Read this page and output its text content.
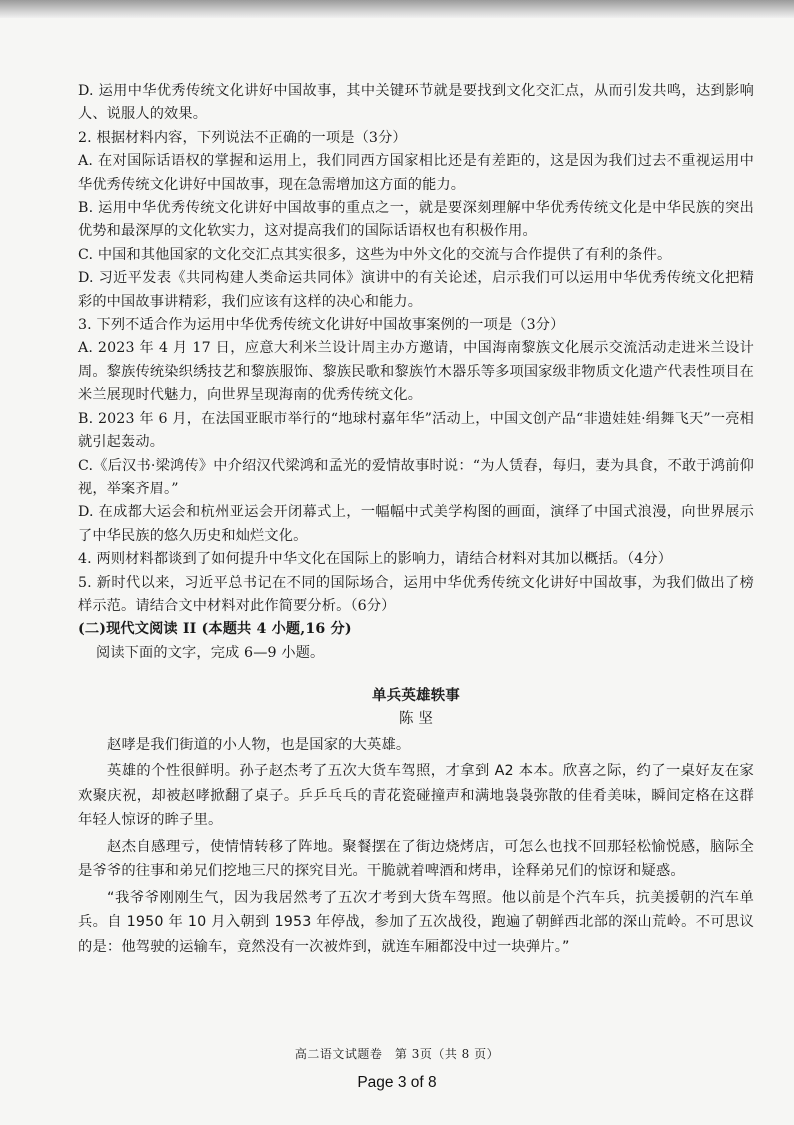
D. 运用中华优秀传统文化讲好中国故事，其中关键环节就是要找到文化交汇点，从而引发共鸣，达到影响人、说服人的效果。

2. 根据材料内容，下列说法不正确的一项是（3分）

A. 在对国际话语权的掌握和运用上，我们同西方国家相比还是有差距的，这是因为我们过去不重视运用中华优秀传统文化讲好中国故事，现在急需增加这方面的能力。

B. 运用中华优秀传统文化讲好中国故事的重点之一，就是要深刻理解中华优秀传统文化是中华民族的突出优势和最深厚的文化软实力，这对提高我们的国际话语权也有积极作用。

C. 中国和其他国家的文化交汇点其实很多，这些为中外文化的交流与合作提供了有利的条件。

D. 习近平发表《共同构建人类命运共同体》演讲中的有关论述，启示我们可以运用中华优秀传统文化把精彩的中国故事讲精彩，我们应该有这样的决心和能力。

3. 下列不适合作为运用中华优秀传统文化讲好中国故事案例的一项是（3分）

A. 2023 年 4 月 17 日，应意大利米兰设计周主办方邀请，中国海南黎族文化展示交流活动走进米兰设计周。黎族传统染织绣技艺和黎族服饰、黎族民歌和黎族竹木器乐等多项国家级非物质文化遗产代表性项目在米兰展现时代魅力，向世界呈现海南的优秀传统文化。

B. 2023 年 6 月，在法国亚眠市举行的“地球村嘉年华”活动上，中国文创产品“非遗娃娃·绢舞飞天”一亮相就引起轰动。

C.《后汉书·梁鸿传》中介绍汉代梁鸿和孟光的爱情故事时说：“为人赁舂，每归，妻为具食，不敢于鸿前仰视，举案齐眉。”

D. 在成都大运会和杭州亚运会开闭幕式上，一幅幅中式美学构图的画面，演绎了中国式浪漫，向世界展示了中华民族的悠久历史和灿烂文化。

4. 两则材料都谈到了如何提升中华文化在国际上的影响力，请结合材料对其加以概括。（4分）

5. 新时代以来，习近平总书记在不同的国际场合，运用中华优秀传统文化讲好中国故事，为我们做出了榜样示范。请结合文中材料对此作简要分析。（6分）

(二)现代文阅读 II (本题共 4 小题,16 分)

阅读下面的文字，完成 6—9 小题。

单兵英雄轶事

陈 坚

赵哮是我们街道的小人物，也是国家的大英雄。

英雄的个性很鲜明。孙子赵杰考了五次大货车驾照，才拿到 A2 本本。欣喜之际，约了一桌好友在家欢聚庆祝，却被赵哮掀翻了桌子。乒乒乓乓的青花瓷碰撞声和满地袅袅弥散的佳肴美味，瞬间定格在这群年轻人惊讶的眸子里。

赵杰自感理亏，使情情转移了阵地。聚餐摆在了街边烧烤店，可怎么也找不回那轻松愉悦感，脑际全是爷爷的往事和弟兄们挖地三尺的探究目光。干脆就着啤酒和烤串，诠释弟兄们的惊讶和疑惑。

“我爷爷刚刚生气，因为我居然考了五次才考到大货车驾照。他以前是个汽车兵，抗美援朝的汽车单兵。自 1950 年 10 月入朝到 1953 年停战，参加了五次战役，跑遍了朝鲜西北部的深山荒岭。不可思议的是：他驾驶的运输车，竟然没有一次被炸到，就连车厢都没中过一块弹片。”

高二语文试题卷　第 3页（共 8 页）
Page 3 of 8
